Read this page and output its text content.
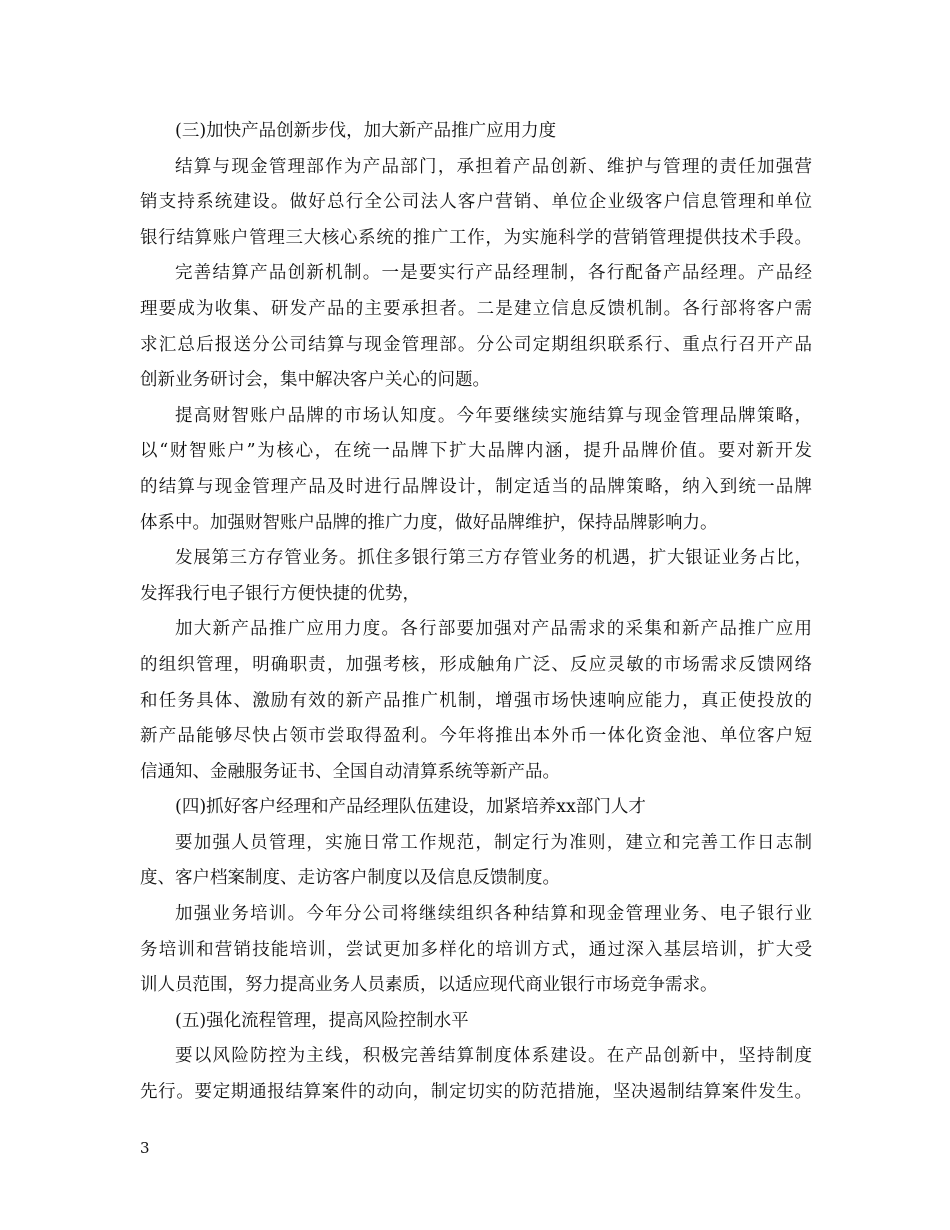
(三)加快产品创新步伐，加大新产品推广应用力度
结算与现金管理部作为产品部门，承担着产品创新、维护与管理的责任加强营
销支持系统建设。做好总行全公司法人客户营销、单位企业级客户信息管理和单位
银行结算账户管理三大核心系统的推广工作，为实施科学的营销管理提供技术手段。
完善结算产品创新机制。一是要实行产品经理制，各行配备产品经理。产品经
理要成为收集、研发产品的主要承担者。二是建立信息反馈机制。各行部将客户需
求汇总后报送分公司结算与现金管理部。分公司定期组织联系行、重点行召开产品
创新业务研讨会，集中解决客户关心的问题。
提高财智账户品牌的市场认知度。今年要继续实施结算与现金管理品牌策略，
以“财智账户”为核心，在统一品牌下扩大品牌内涵，提升品牌价值。要对新开发
的结算与现金管理产品及时进行品牌设计，制定适当的品牌策略，纳入到统一品牌
体系中。加强财智账户品牌的推广力度，做好品牌维护，保持品牌影响力。
发展第三方存管业务。抓住多银行第三方存管业务的机遇，扩大银证业务占比，
发挥我行电子银行方便快捷的优势，
加大新产品推广应用力度。各行部要加强对产品需求的采集和新产品推广应用
的组织管理，明确职责，加强考核，形成触角广泛、反应灵敏的市场需求反馈网络
和任务具体、激励有效的新产品推广机制，增强市场快速响应能力，真正使投放的
新产品能够尽快占领市尝取得盈利。今年将推出本外币一体化资金池、单位客户短
信通知、金融服务证书、全国自动清算系统等新产品。
(四)抓好客户经理和产品经理队伍建设，加紧培养xx部门人才
要加强人员管理，实施日常工作规范，制定行为准则，建立和完善工作日志制
度、客户档案制度、走访客户制度以及信息反馈制度。
加强业务培训。今年分公司将继续组织各种结算和现金管理业务、电子银行业
务培训和营销技能培训，尝试更加多样化的培训方式，通过深入基层培训，扩大受
训人员范围，努力提高业务人员素质，以适应现代商业银行市场竞争需求。
(五)强化流程管理，提高风险控制水平
要以风险防控为主线，积极完善结算制度体系建设。在产品创新中，坚持制度
先行。要定期通报结算案件的动向，制定切实的防范措施，坚决遏制结算案件发生。
3
